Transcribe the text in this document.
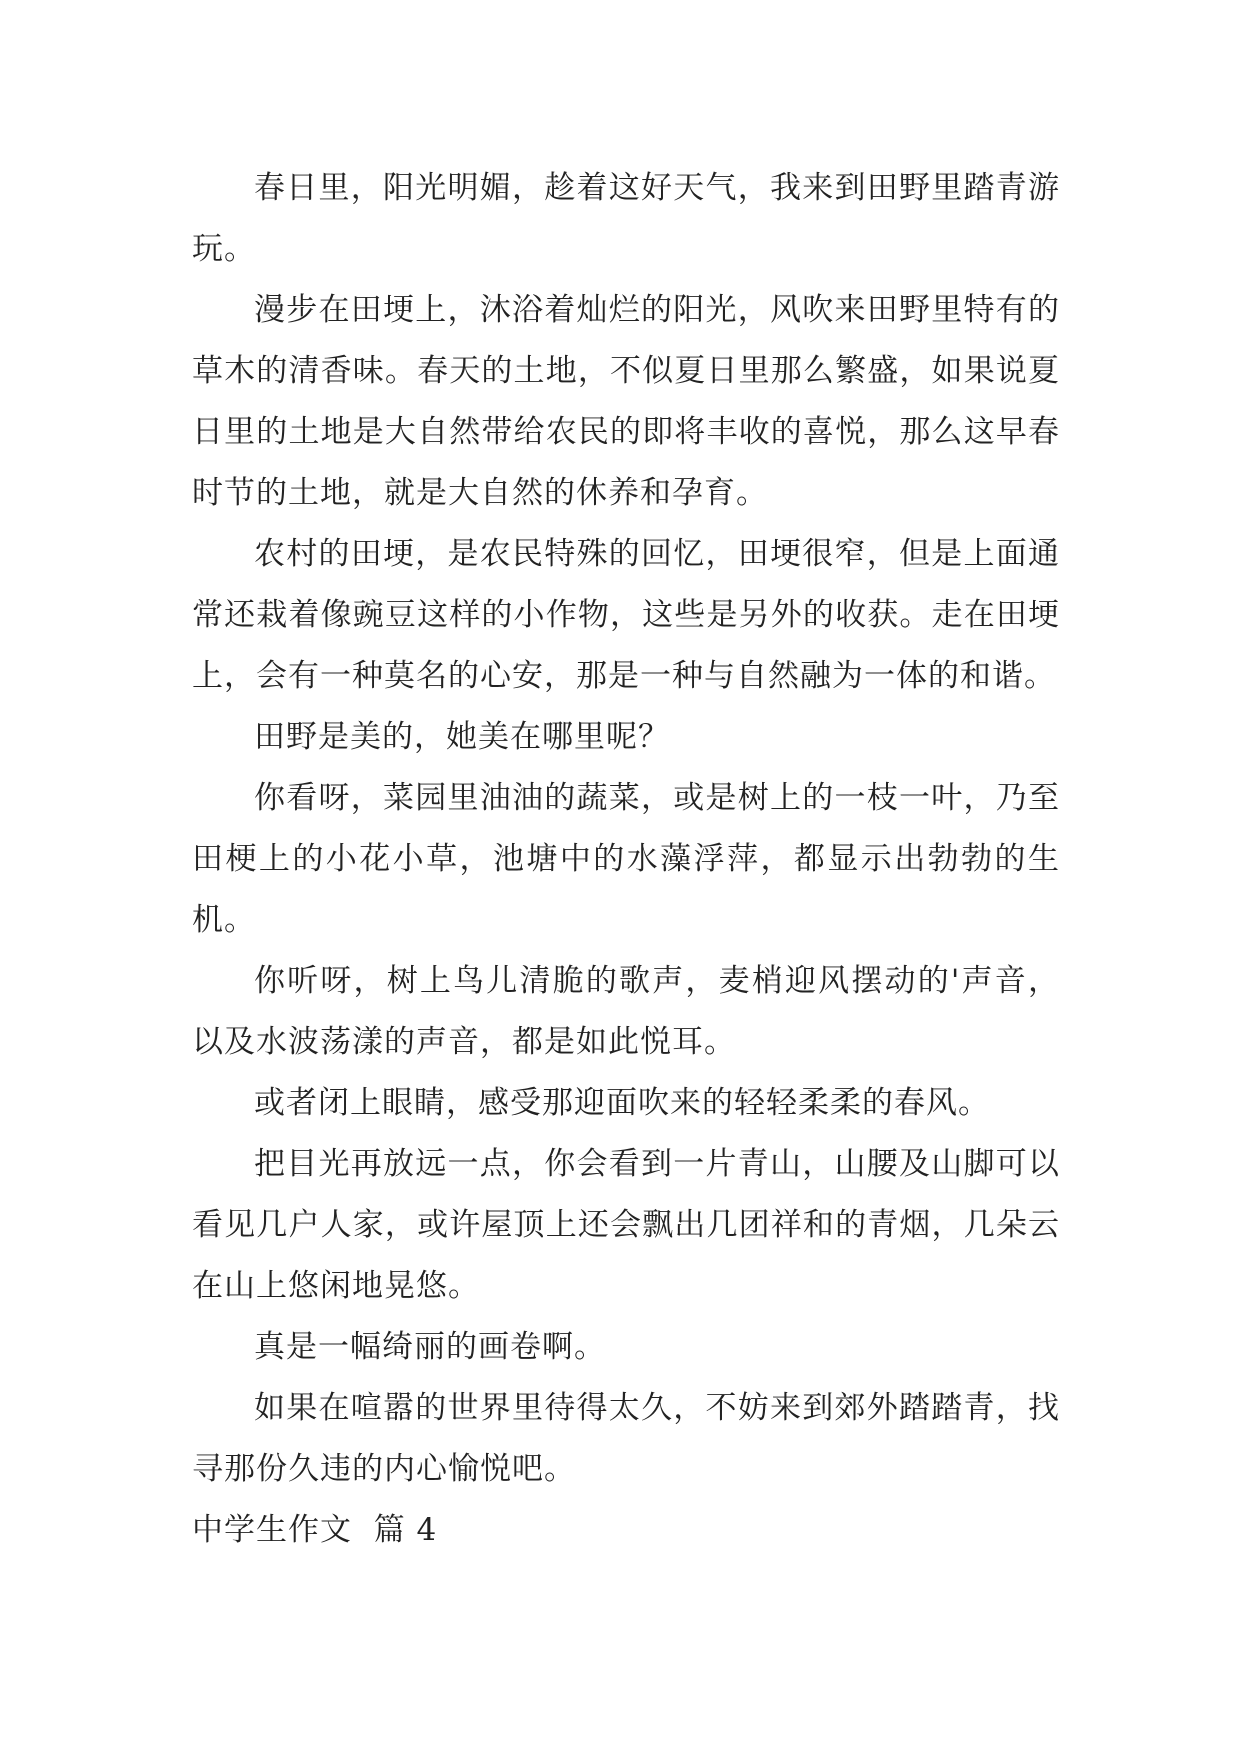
春日里，阳光明媚，趁着这好天气，我来到田野里踏青游玩。

漫步在田埂上，沐浴着灿烂的阳光，风吹来田野里特有的草木的清香味。春天的土地，不似夏日里那么繁盛，如果说夏日里的土地是大自然带给农民的即将丰收的喜悦，那么这早春时节的土地，就是大自然的休养和孕育。

农村的田埂，是农民特殊的回忆，田埂很窄，但是上面通常还栽着像豌豆这样的小作物，这些是另外的收获。走在田埂上，会有一种莫名的心安，那是一种与自然融为一体的和谐。

田野是美的，她美在哪里呢？

你看呀，菜园里油油的蔬菜，或是树上的一枝一叶，乃至田梗上的小花小草，池塘中的水藻浮萍，都显示出勃勃的生机。

你听呀，树上鸟儿清脆的歌声，麦梢迎风摆动的'声音，以及水波荡漾的声音，都是如此悦耳。

或者闭上眼睛，感受那迎面吹来的轻轻柔柔的春风。

把目光再放远一点，你会看到一片青山，山腰及山脚可以看见几户人家，或许屋顶上还会飘出几团祥和的青烟，几朵云在山上悠闲地晃悠。

真是一幅绮丽的画卷啊。

如果在喧嚣的世界里待得太久，不妨来到郊外踏踏青，找寻那份久违的内心愉悦吧。

中学生作文  篇 4
